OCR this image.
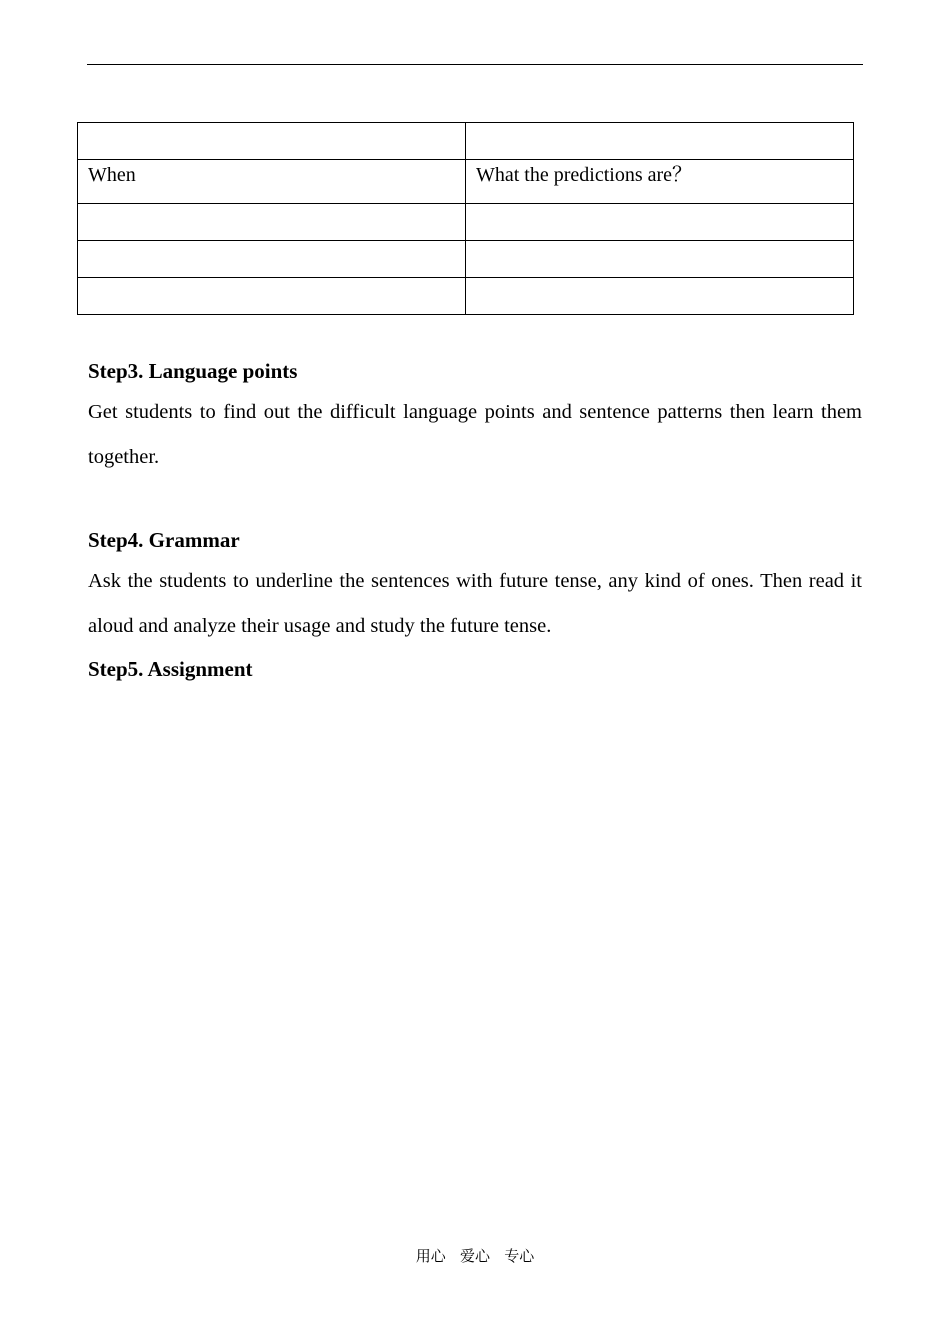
When	What the predictions are？

Step3. Language points

Get students to find out the difficult language points and sentence patterns then learn them together.

Step4. Grammar

Ask the students to underline the sentences with future tense, any kind of ones. Then read it aloud and analyze their usage and study the future tense.

Step5. Assignment

用心   爱心   专心
